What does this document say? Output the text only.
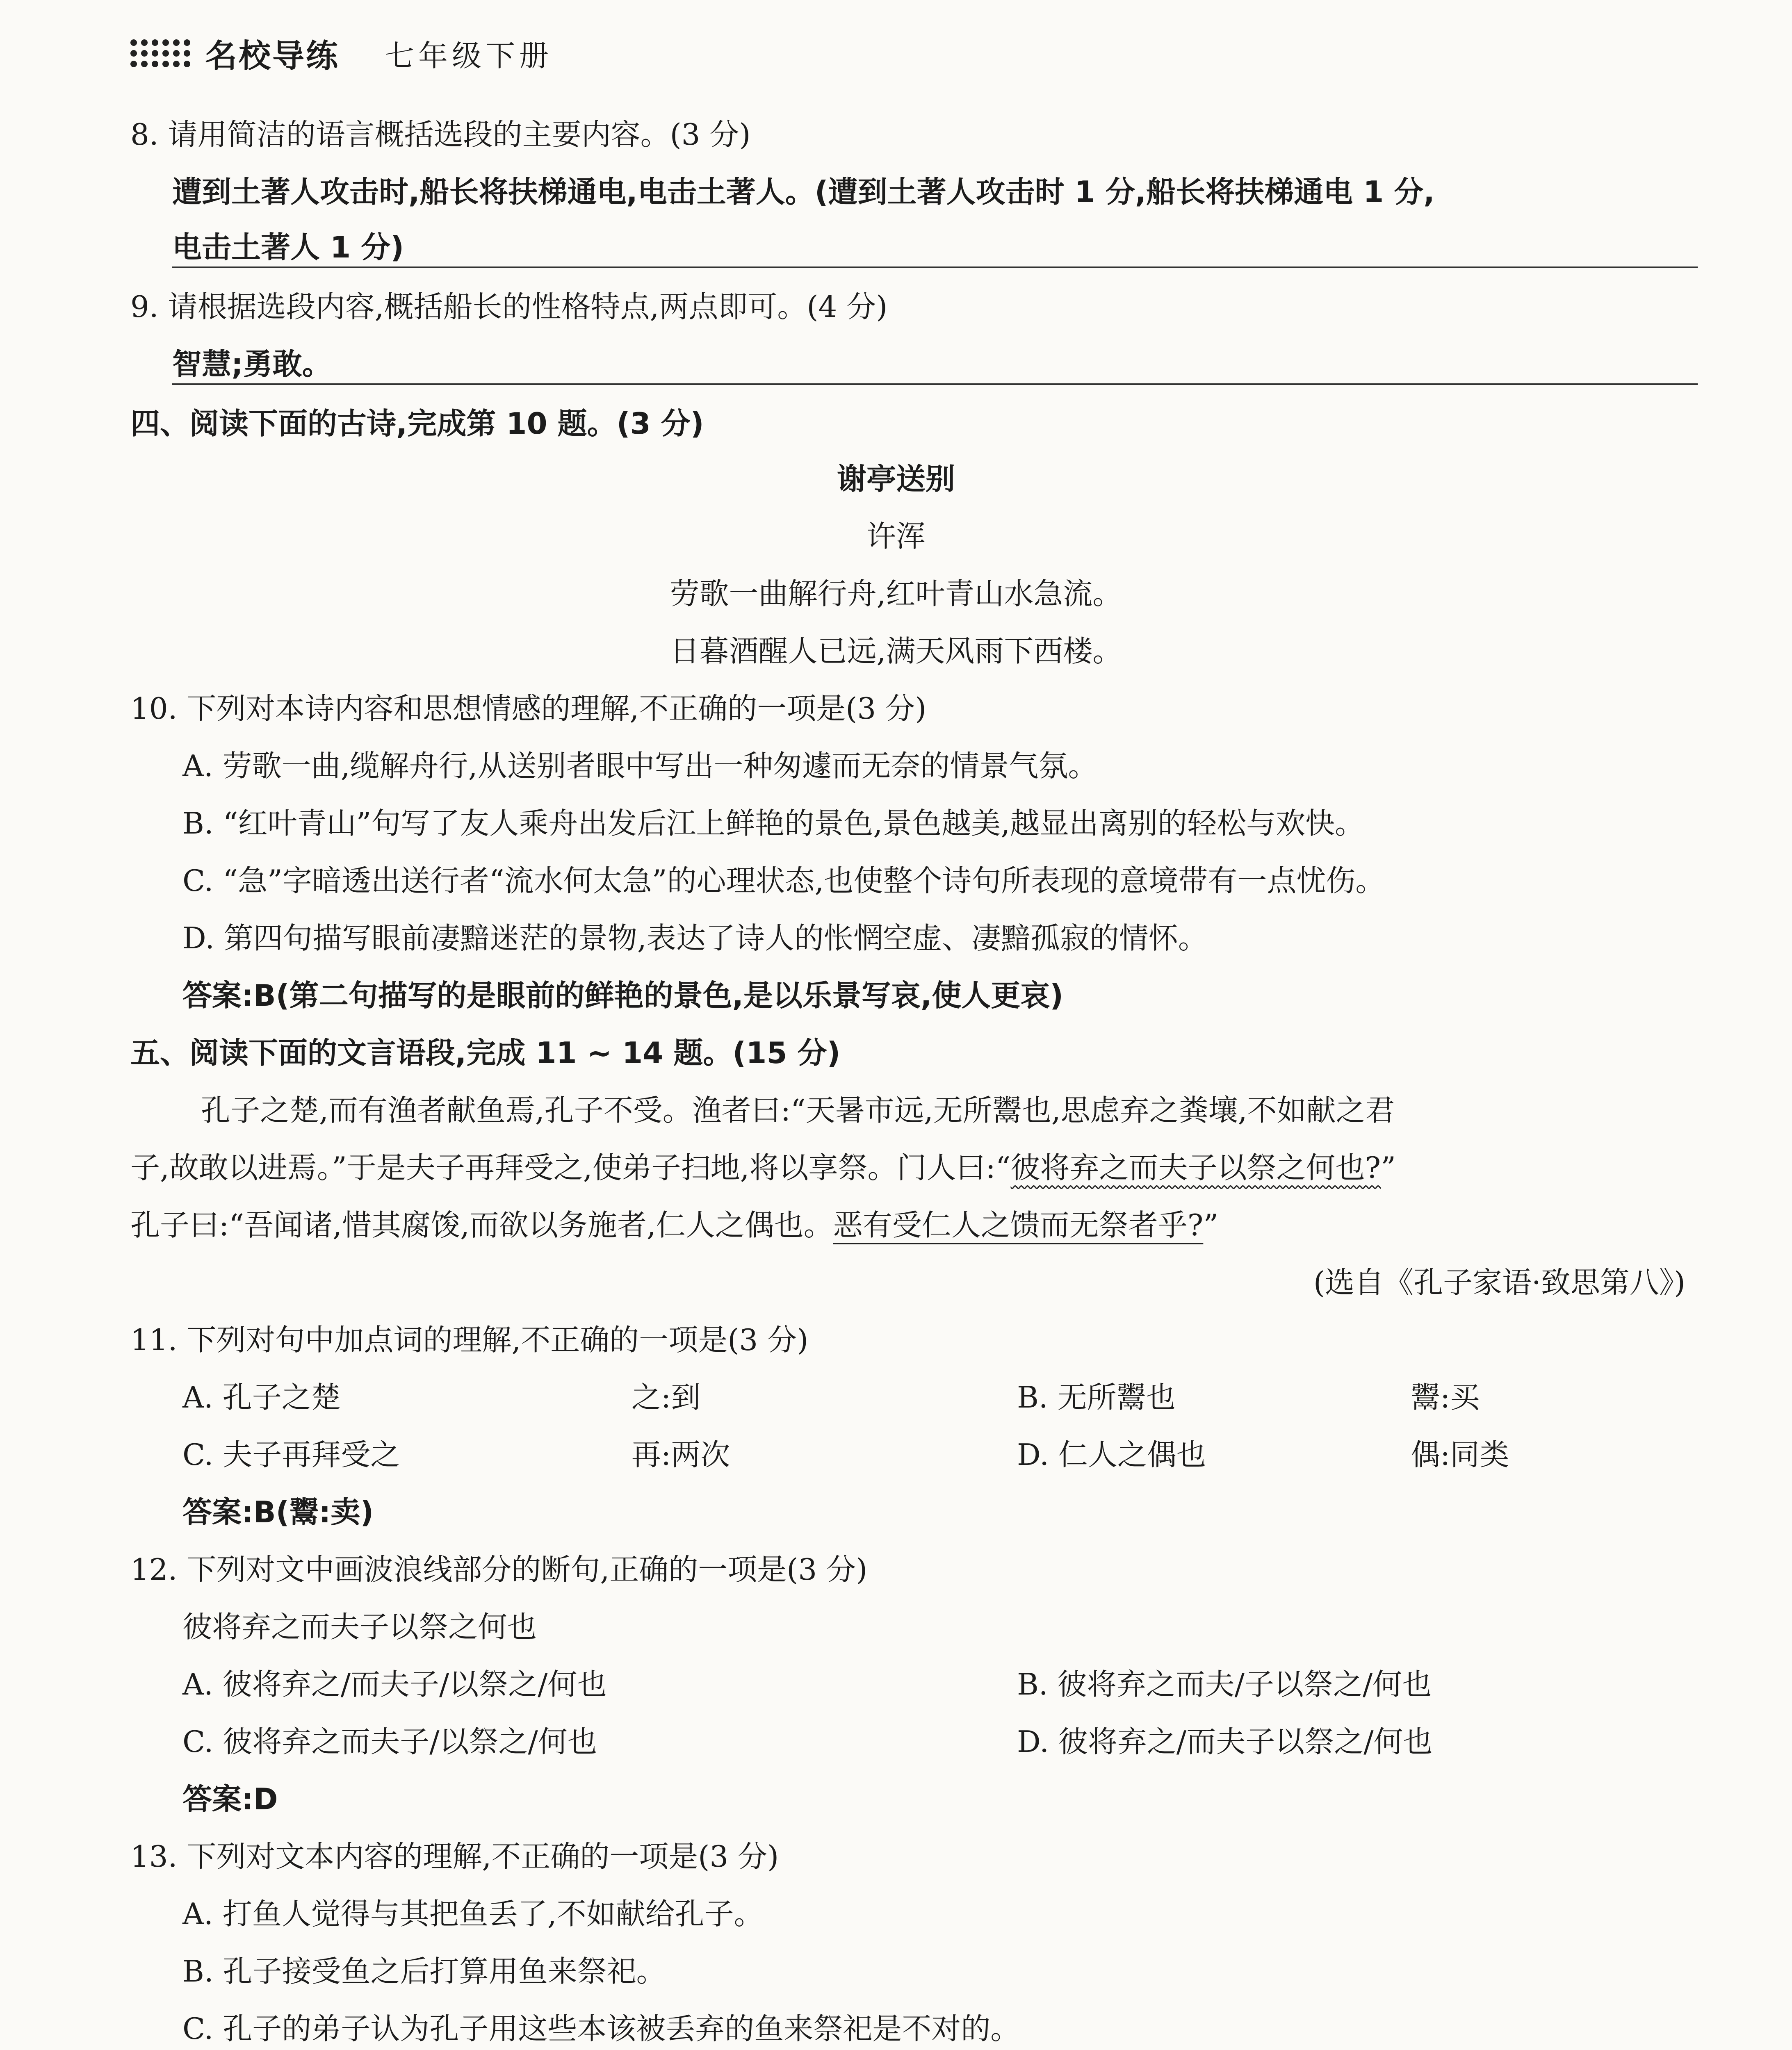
名校导练 七年级下册
8. 请用简洁的语言概括选段的主要内容。(3 分)
遭到土著人攻击时,船长将扶梯通电,电击土著人。(遭到土著人攻击时 1 分,船长将扶梯通电 1 分,
电击土著人 1 分)
9. 请根据选段内容,概括船长的性格特点,两点即可。(4 分)
智慧;勇敢。
四、阅读下面的古诗,完成第 10 题。(3 分)
谢亭送别
许浑
劳歌一曲解行舟,红叶青山水急流。
日暮酒醒人已远,满天风雨下西楼。
10. 下列对本诗内容和思想情感的理解,不正确的一项是(3 分)
A. 劳歌一曲,缆解舟行,从送别者眼中写出一种匆遽而无奈的情景气氛。
B. “红叶青山”句写了友人乘舟出发后江上鲜艳的景色,景色越美,越显出离别的轻松与欢快。
C. “急”字暗透出送行者“流水何太急”的心理状态,也使整个诗句所表现的意境带有一点忧伤。
D. 第四句描写眼前凄黯迷茫的景物,表达了诗人的怅惘空虚、凄黯孤寂的情怀。
答案:B(第二句描写的是眼前的鲜艳的景色,是以乐景写哀,使人更哀)
五、阅读下面的文言语段,完成 11 ~ 14 题。(15 分)
孔子之楚,而有渔者献鱼焉,孔子不受。渔者曰:“天暑市远,无所鬻也,思虑弃之粪壤,不如献之君
子,故敢以进焉。”于是夫子再拜受之,使弟子扫地,将以享祭。门人曰:“彼将弃之而夫子以祭之何也?”
孔子曰:“吾闻诸,惜其腐馂,而欲以务施者,仁人之偶也。恶有受仁人之馈而无祭者乎?”
(选自《孔子家语·致思第八》)
11. 下列对句中加点词的理解,不正确的一项是(3 分)
A. 孔子之楚	之:到	B. 无所鬻也	鬻:买
C. 夫子再拜受之	再:两次	D. 仁人之偶也	偶:同类
答案:B(鬻:卖)
12. 下列对文中画波浪线部分的断句,正确的一项是(3 分)
彼将弃之而夫子以祭之何也
A. 彼将弃之/而夫子/以祭之/何也	B. 彼将弃之而夫/子以祭之/何也
C. 彼将弃之而夫子/以祭之/何也	D. 彼将弃之/而夫子以祭之/何也
答案:D
13. 下列对文本内容的理解,不正确的一项是(3 分)
A. 打鱼人觉得与其把鱼丢了,不如献给孔子。
B. 孔子接受鱼之后打算用鱼来祭祀。
C. 孔子的弟子认为孔子用这些本该被丢弃的鱼来祭祀是不对的。
